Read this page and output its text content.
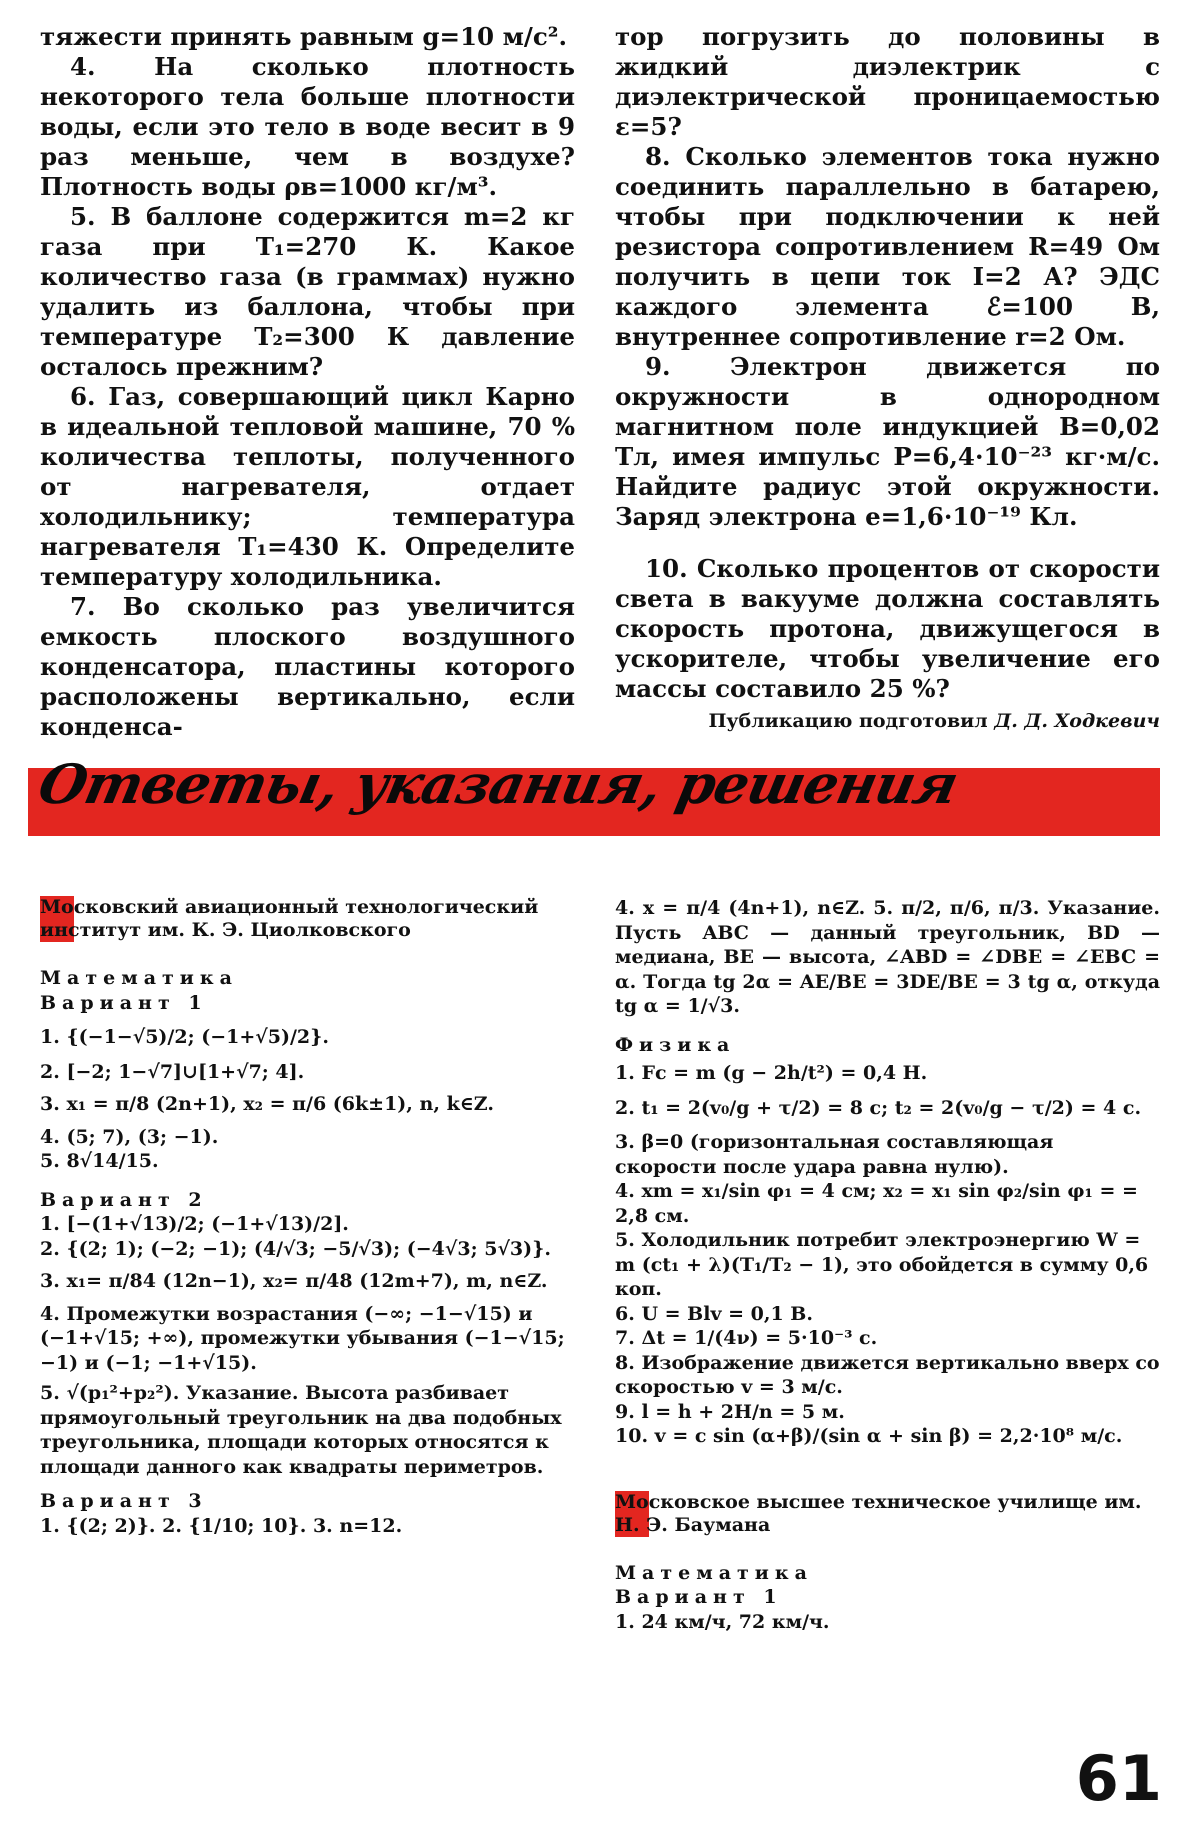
тяжести принять равным g=10 м/с².

4. На сколько плотность некоторого тела больше плотности воды, если это тело в воде весит в 9 раз меньше, чем в воздухе? Плотность воды ρв=1000 кг/м³.

5. В баллоне содержится m=2 кг газа при T₁=270 К. Какое количество газа (в граммах) нужно удалить из баллона, чтобы при температуре T₂=300 К давление осталось прежним?

6. Газ, совершающий цикл Карно в идеальной тепловой машине, 70 % количества теплоты, полученного от нагревателя, отдает холодильнику; температура нагревателя T₁=430 К. Определите температуру холодильника.

7. Во сколько раз увеличится емкость плоского воздушного конденсатора, пластины которого расположены вертикально, если конденса-

тор погрузить до половины в жидкий диэлектрик с диэлектрической проницаемостью ε=5?

8. Сколько элементов тока нужно соединить параллельно в батарею, чтобы при подключении к ней резистора сопротивлением R=49 Ом получить в цепи ток I=2 А? ЭДС каждого элемента ℰ=100 В, внутреннее сопротивление r=2 Ом.

9. Электрон движется по окружности в однородном магнитном поле индукцией B=0,02 Тл, имея импульс P=6,4·10⁻²³ кг·м/с. Найдите радиус этой окружности. Заряд электрона e=1,6·10⁻¹⁹ Кл.

10. Сколько процентов от скорости света в вакууме должна составлять скорость протона, движущегося в ускорителе, чтобы увеличение его массы составило 25 %?

Публикацию подготовил Д. Д. Ходкевич
Ответы, указания, решения
Московский авиационный технологический институт им. К. Э. Циолковского
Математика
Вариант 1

1. {(−1−√5)/2; (−1+√5)/2}.

2. [−2; 1−√7]∪[1+√7; 4].

3. x₁ = π/8 (2n+1), x₂ = π/6 (6k±1), n, k∈Z.

4. (5; 7), (3; −1).

5. 8√14/15.

Вариант 2

1. [−(1+√13)/2; (−1+√13)/2].

2. {(2; 1); (−2; −1); (4/√3; −5/√3); (−4√3; 5√3)}.

3. x₁= π/84 (12n−1), x₂= π/48 (12m+7), m, n∈Z.

4. Промежутки возрастания (−∞; −1−√15) и (−1+√15; +∞), промежутки убывания (−1−√15; −1) и (−1; −1+√15).

5. √(p₁²+p₂²). Указание. Высота разбивает прямоугольный треугольник на два подобных треугольника, площади которых относятся к площади данного как квадраты периметров.

Вариант 3

1. {(2; 2)}. 2. {1/10; 10}. 3. n=12.

4. x = π/4 (4n+1), n∈Z. 5. π/2, π/6, π/3. Указание. Пусть ABC — данный треугольник, BD — медиана, BE — высота, ∠ABD = ∠DBE = ∠EBC = α. Тогда tg 2α = AE/BE = 3DE/BE = 3 tg α, откуда tg α = 1/√3.

Физика

1. Fc = m (g − 2h/t²) = 0,4 Н.

2. t₁ = 2(v₀/g + τ/2) = 8 с; t₂ = 2(v₀/g − τ/2) = 4 с.

3. β=0 (горизонтальная составляющая скорости после удара равна нулю).

4. xm = x₁/sin φ₁ = 4 см; x₂ = x₁ sin φ₂/sin φ₁ = = 2,8 см.

5. Холодильник потребит электроэнергию W = m (ct₁ + λ)(T₁/T₂ − 1), это обойдется в сумму 0,6 коп.

6. U = Blv = 0,1 В.

7. Δt = 1/(4ν) = 5·10⁻³ с.

8. Изображение движется вертикально вверх со скоростью v = 3 м/с.

9. l = h + 2H/n = 5 м.

10. v = c sin (α+β)/(sin α + sin β) = 2,2·10⁸ м/с.

Московское высшее техническое училище им. Н. Э. Баумана
Математика
Вариант 1

1. 24 км/ч, 72 км/ч.

61
